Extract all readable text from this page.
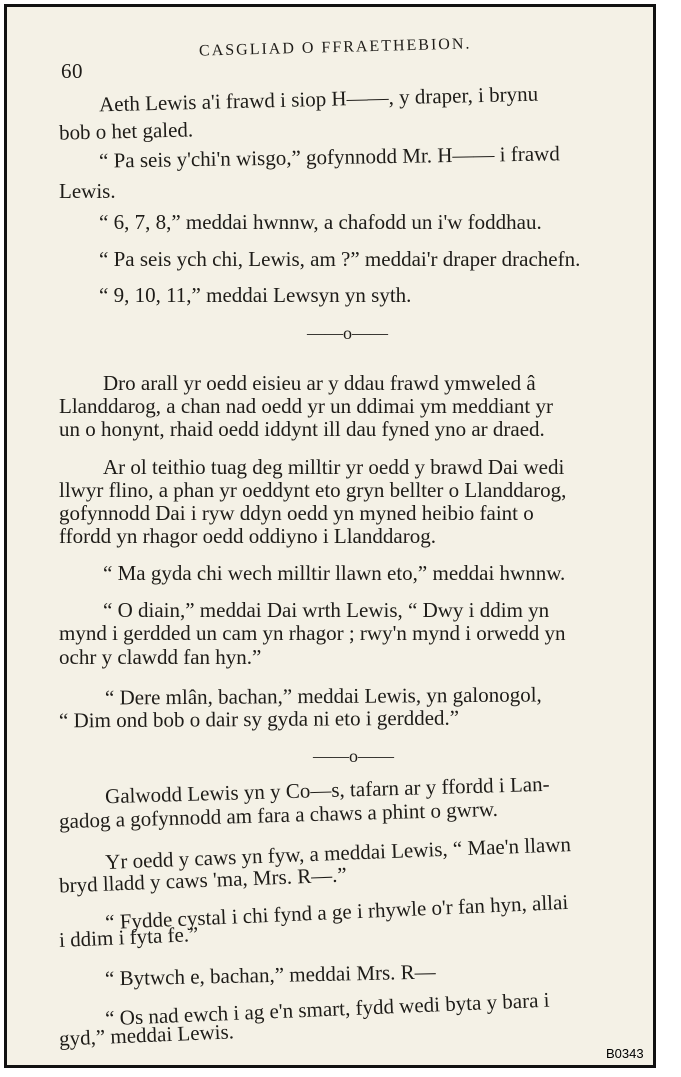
CASGLIAD O FFRAETHEBION.
60
Aeth Lewis a'i frawd i siop H——, y draper, i brynu
bob o het galed.
“ Pa seis y'chi'n wisgo,” gofynnodd Mr. H—— i frawd
Lewis.
“ 6, 7, 8,” meddai hwnnw, a chafodd un i'w foddhau.
“ Pa seis ych chi, Lewis, am ?” meddai'r draper drachefn.
“ 9, 10, 11,” meddai Lewsyn yn syth.
——o——
Dro arall yr oedd eisieu ar y ddau frawd ymweled â
Llanddarog, a chan nad oedd yr un ddimai ym meddiant yr
un o honynt, rhaid oedd iddynt ill dau fyned yno ar draed.
Ar ol teithio tuag deg milltir yr oedd y brawd Dai wedi
llwyr flino, a phan yr oeddynt eto gryn bellter o Llanddarog,
gofynnodd Dai i ryw ddyn oedd yn myned heibio faint o
ffordd yn rhagor oedd oddiyno i Llanddarog.
“ Ma gyda chi wech milltir llawn eto,” meddai hwnnw.
“ O diain,” meddai Dai wrth Lewis, “ Dwy i ddim yn
mynd i gerdded un cam yn rhagor ; rwy'n mynd i orwedd yn
ochr y clawdd fan hyn.”
“ Dere mlân, bachan,” meddai Lewis, yn galonogol,
“ Dim ond bob o dair sy gyda ni eto i gerdded.”
——o——
Galwodd Lewis yn y Co—s, tafarn ar y ffordd i Lan-
gadog a gofynnodd am fara a chaws a phint o gwrw.
Yr oedd y caws yn fyw, a meddai Lewis, “ Mae'n llawn
bryd lladd y caws 'ma, Mrs. R—.”
“ Fydde cystal i chi fynd a ge i rhywle o'r fan hyn, allai
i ddim i fyta fe.”
“ Bytwch e, bachan,” meddai Mrs. R—
“ Os nad ewch i ag e'n smart, fydd wedi byta y bara i
gyd,” meddai Lewis.
B0343
